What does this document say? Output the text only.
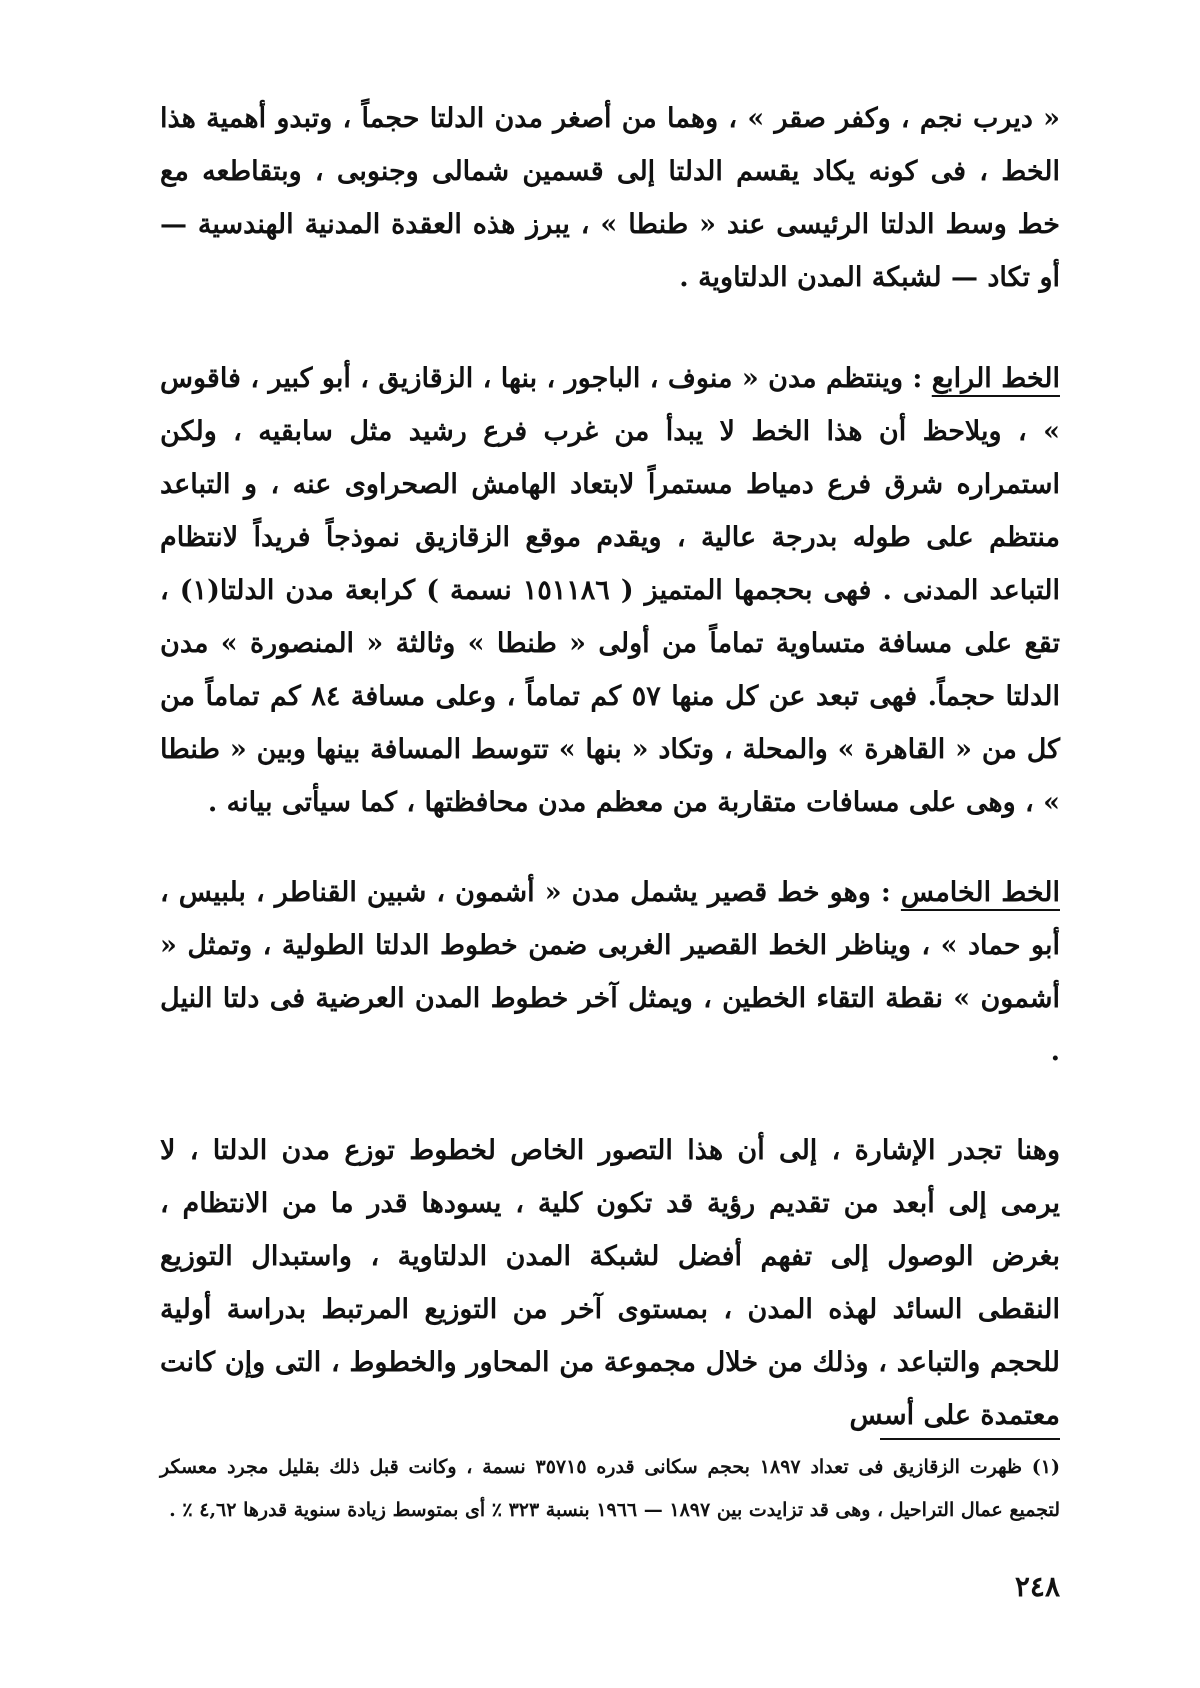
« ديرب نجم ، وكفر صقر » ، وهما من أصغر مدن الدلتا حجماً ، وتبدو أهمية هذا الخط ، فى كونه يكاد يقسم الدلتا إلى قسمين شمالى وجنوبى ، وبتقاطعه مع خط وسط الدلتا الرئيسى عند « طنطا » ، يبرز هذه العقدة المدنية الهندسية — أو تكاد — لشبكة المدن الدلتاوية .

الخط الرابع : وينتظم مدن « منوف ، الباجور ، بنها ، الزقازيق ، أبو كبير ، فاقوس » ، ويلاحظ أن هذا الخط لا يبدأ من غرب فرع رشيد مثل سابقيه ، ولكن استمراره شرق فرع دمياط مستمراً لابتعاد الهامش الصحراوى عنه ، و التباعد منتظم على طوله بدرجة عالية ، ويقدم موقع الزقازيق نموذجاً فريداً لانتظام التباعد المدنى . فهى بحجمها المتميز ( ١٥١١٨٦ نسمة ) كرابعة مدن الدلتا(١) ، تقع على مسافة متساوية تماماً من أولى « طنطا » وثالثة « المنصورة » مدن الدلتا حجماً. فهى تبعد عن كل منها ٥٧ كم تماماً ، وعلى مسافة ٨٤ كم تماماً من كل من « القاهرة » والمحلة ، وتكاد « بنها » تتوسط المسافة بينها وبين « طنطا » ، وهى على مسافات متقاربة من معظم مدن محافظتها ، كما سيأتى بيانه .

الخط الخامس : وهو خط قصير يشمل مدن « أشمون ، شبين القناطر ، بلبيس ، أبو حماد » ، ويناظر الخط القصير الغربى ضمن خطوط الدلتا الطولية ، وتمثل « أشمون » نقطة التقاء الخطين ، ويمثل آخر خطوط المدن العرضية فى دلتا النيل .

وهنا تجدر الإشارة ، إلى أن هذا التصور الخاص لخطوط توزع مدن الدلتا ، لا يرمى إلى أبعد من تقديم رؤية قد تكون كلية ، يسودها قدر ما من الانتظام ، بغرض الوصول إلى تفهم أفضل لشبكة المدن الدلتاوية ، واستبدال التوزيع النقطى السائد لهذه المدن ، بمستوى آخر من التوزيع المرتبط بدراسة أولية للحجم والتباعد ، وذلك من خلال مجموعة من المحاور والخطوط ، التى وإن كانت معتمدة على أسس

(١) ظهرت الزقازيق فى تعداد ١٨٩٧ بحجم سكانى قدره ٣٥٧١٥ نسمة ، وكانت قبل ذلك بقليل مجرد معسكر لتجميع عمال التراحيل ، وهى قد تزايدت بين ١٨٩٧ — ١٩٦٦ بنسبة ٣٢٣ ٪ أى بمتوسط زيادة سنوية قدرها ٤,٦٢ ٪ .

٢٤٨
